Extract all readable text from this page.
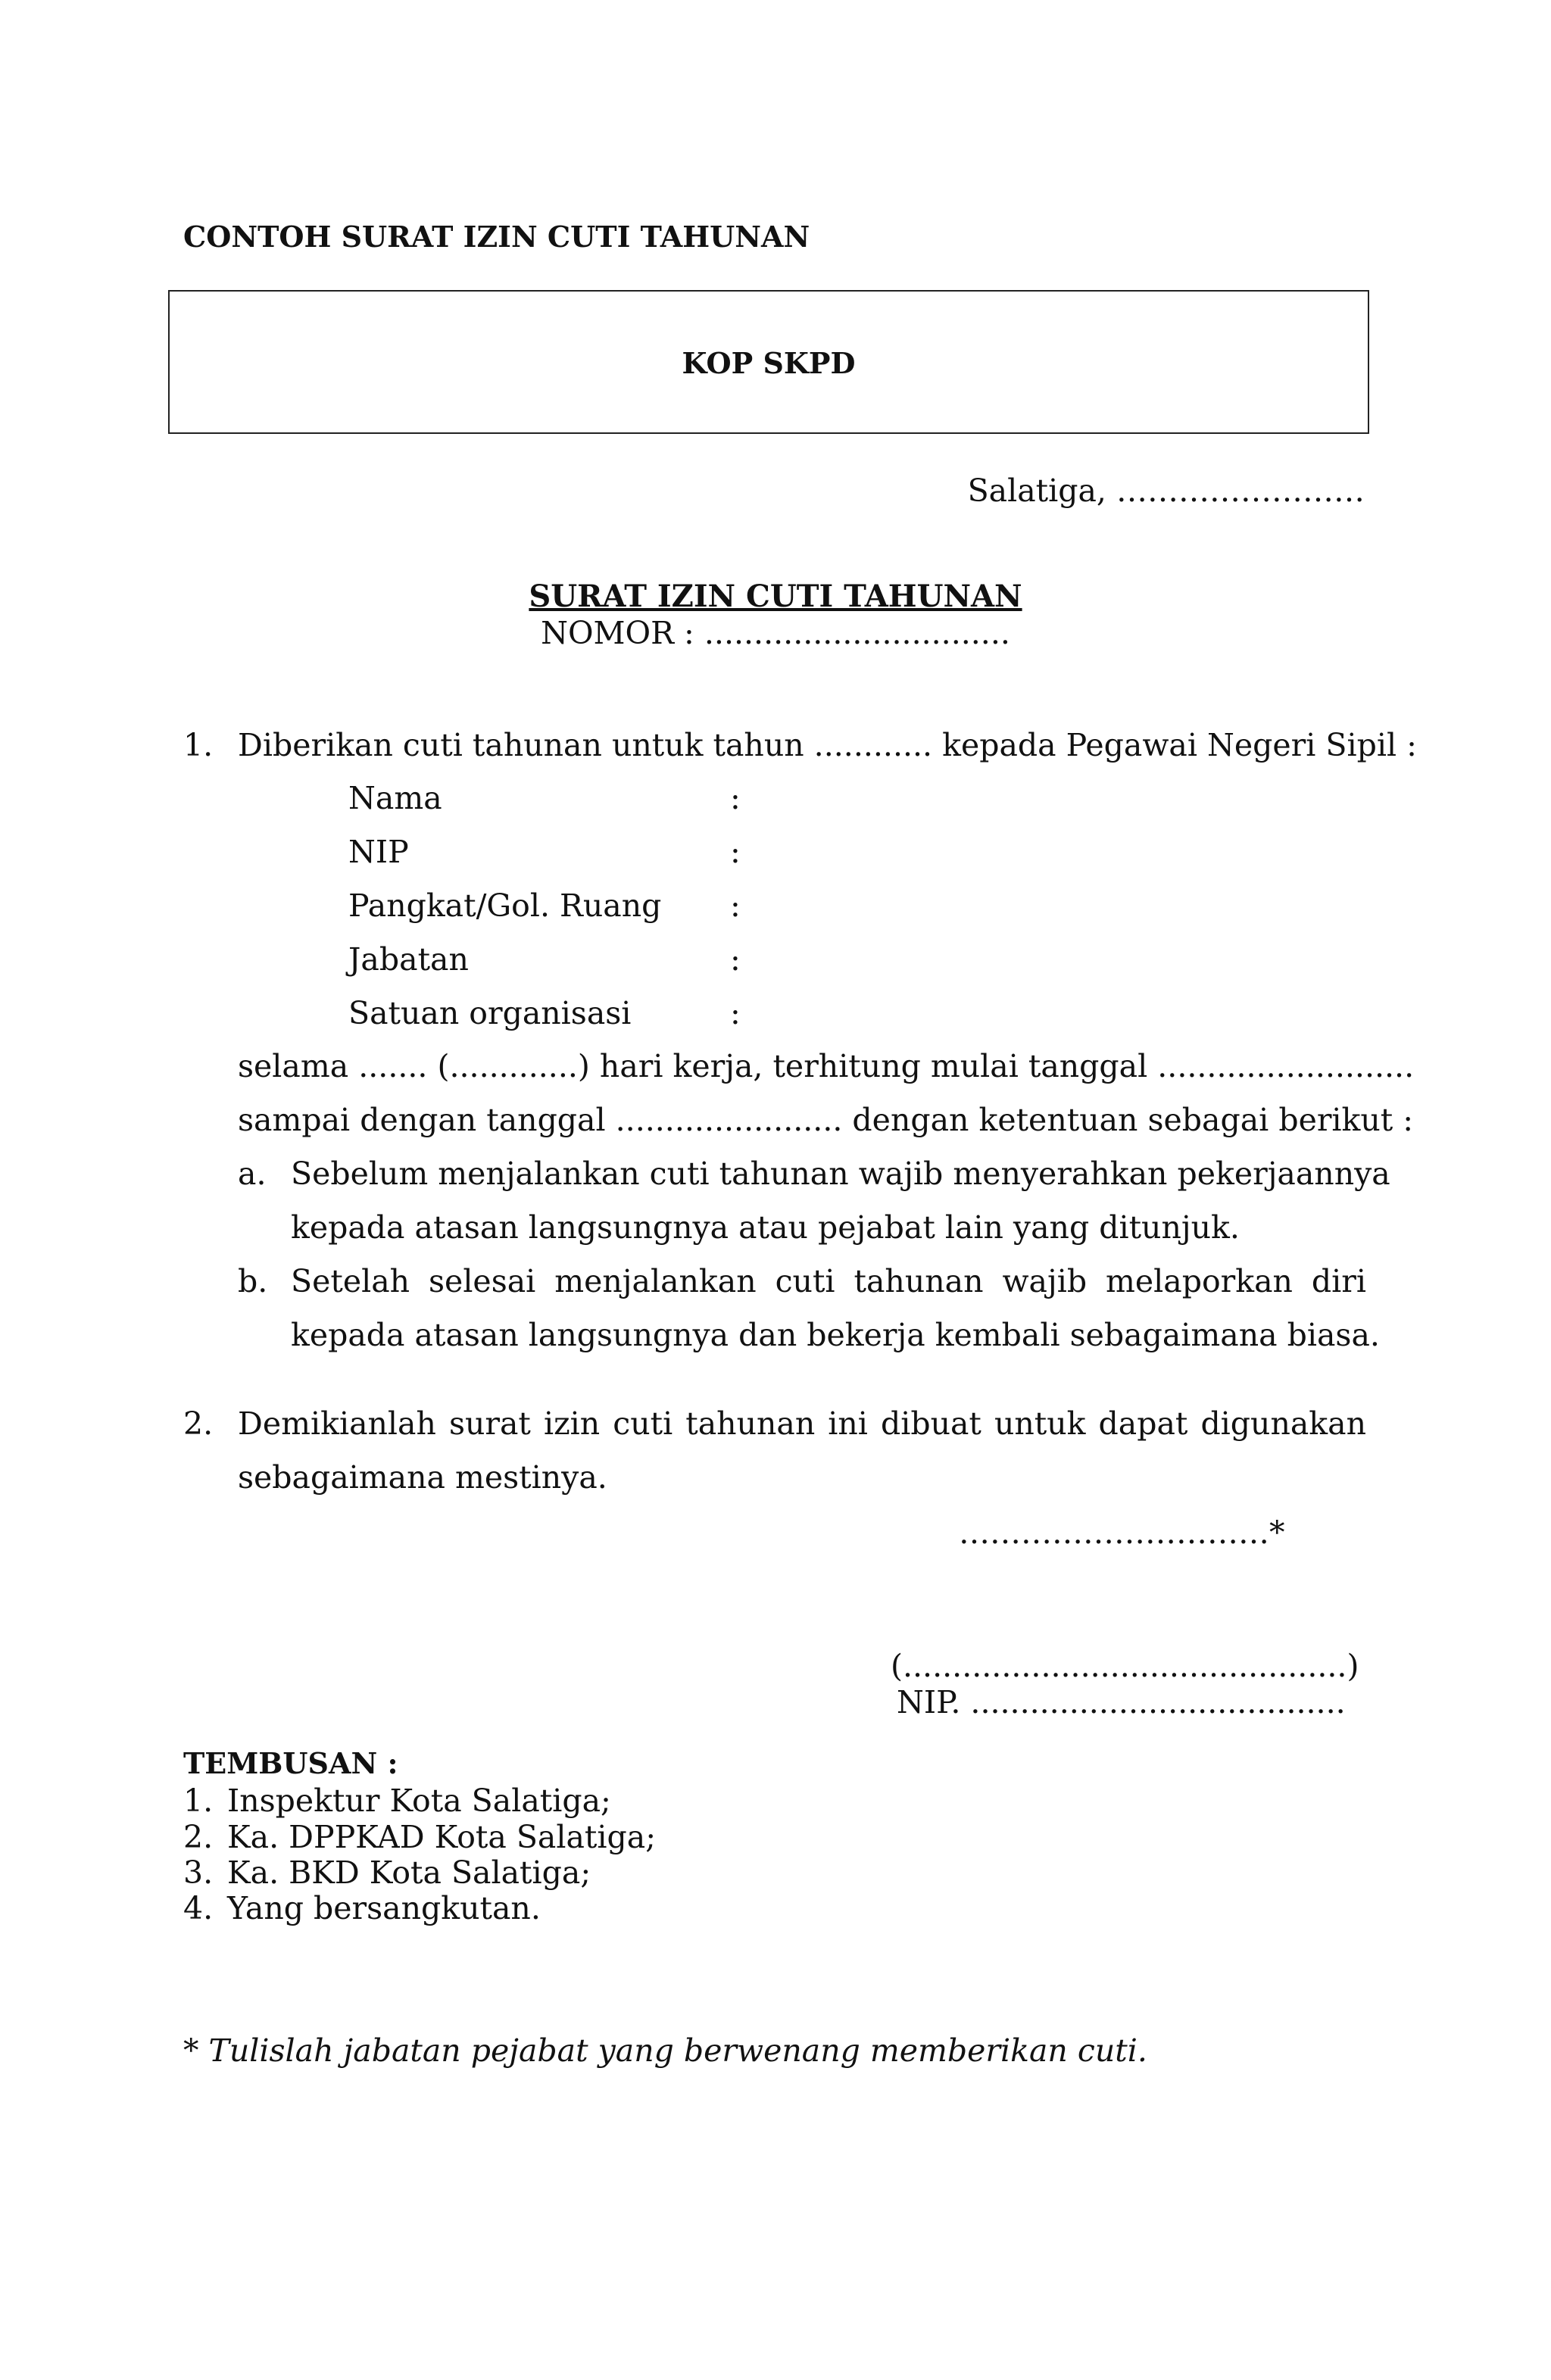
CONTOH SURAT IZIN CUTI TAHUNAN
KOP SKPD
Salatiga, ……………………
SURAT IZIN CUTI TAHUNAN
NOMOR : ...............................
1. Diberikan cuti tahunan untuk tahun ............ kepada Pegawai Negeri Sipil :
Nama	:
NIP	:
Pangkat/Gol. Ruang :
Jabatan	:
Satuan organisasi	:
selama ....... (.............) hari kerja, terhitung mulai tanggal ..........................
sampai dengan tanggal ....................... dengan ketentuan sebagai berikut :
a. Sebelum menjalankan cuti tahunan wajib menyerahkan pekerjaannya
kepada atasan langsungnya atau pejabat lain yang ditunjuk.
b. Setelah selesai menjalankan cuti tahunan wajib melaporkan diri
kepada atasan langsungnya dan bekerja kembali sebagaimana biasa.
2. Demikianlah surat izin cuti tahunan ini dibuat untuk dapat digunakan
sebagaimana mestinya.
…………………………*
(.............................................)
NIP. ......................................
TEMBUSAN :
1. Inspektur Kota Salatiga;
2. Ka. DPPKAD Kota Salatiga;
3. Ka. BKD Kota Salatiga;
4. Yang bersangkutan.
* Tulislah jabatan pejabat yang berwenang memberikan cuti.
